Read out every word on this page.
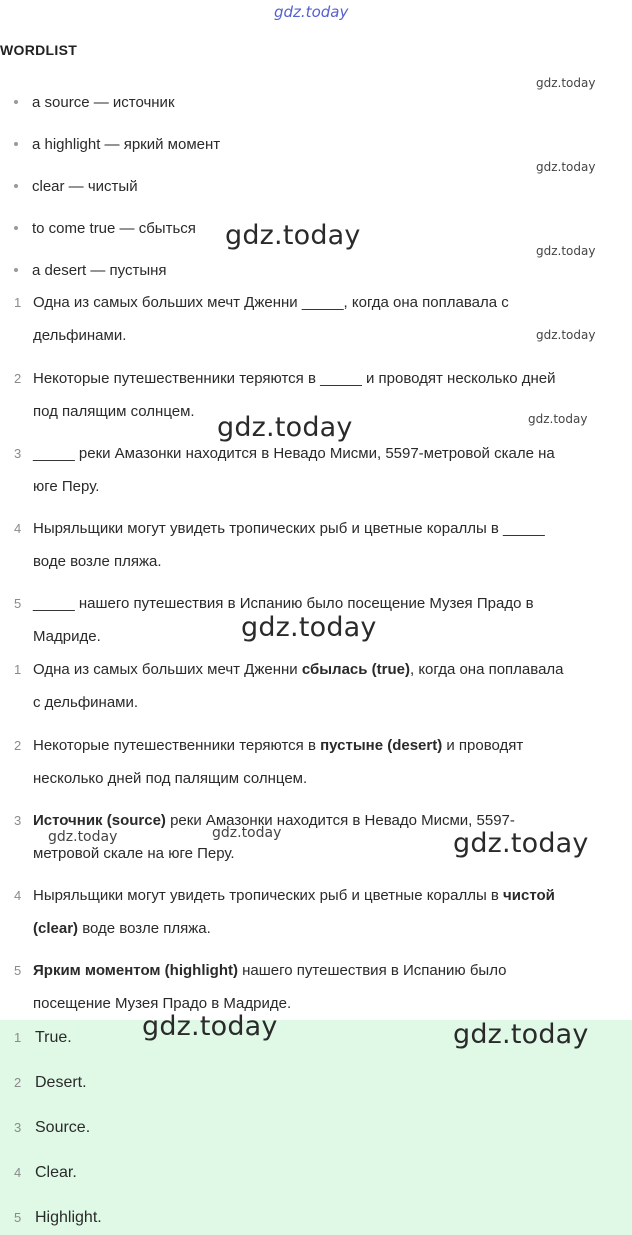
gdz.today
WORDLIST
a source — источник
a highlight — яркий момент
clear — чистый
to come true — сбыться
a desert — пустыня
1 Одна из самых больших мечт Дженни _____, когда она поплавала с
дельфинами.
2 Некоторые путешественники теряются в _____ и проводят несколько дней
под палящим солнцем.
3 _____ реки Амазонки находится в Невадо Мисми, 5597-метровой скале на
юге Перу.
4 Ныряльщики могут увидеть тропических рыб и цветные кораллы в _____
воде возле пляжа.
5 _____ нашего путешествия в Испанию было посещение Музея Прадо в
Мадриде.
1 Одна из самых больших мечт Дженни сбылась (true), когда она поплавала
с дельфинами.
2 Некоторые путешественники теряются в пустыне (desert) и проводят
несколько дней под палящим солнцем.
3 Источник (source) реки Амазонки находится в Невадо Мисми, 5597-
метровой скале на юге Перу.
4 Ныряльщики могут увидеть тропических рыб и цветные кораллы в чистой
(clear) воде возле пляжа.
5 Ярким моментом (highlight) нашего путешествия в Испанию было
посещение Музея Прадо в Мадриде.
1 True.
2 Desert.
3 Source.
4 Clear.
5 Highlight.
gdz.today
gdz.today
gdz.today
gdz.today
gdz.today
gdz.today	gdz.today
gdz.today
gdz.today
gdz.today
gdz.today
gdz.today	gdz.today
